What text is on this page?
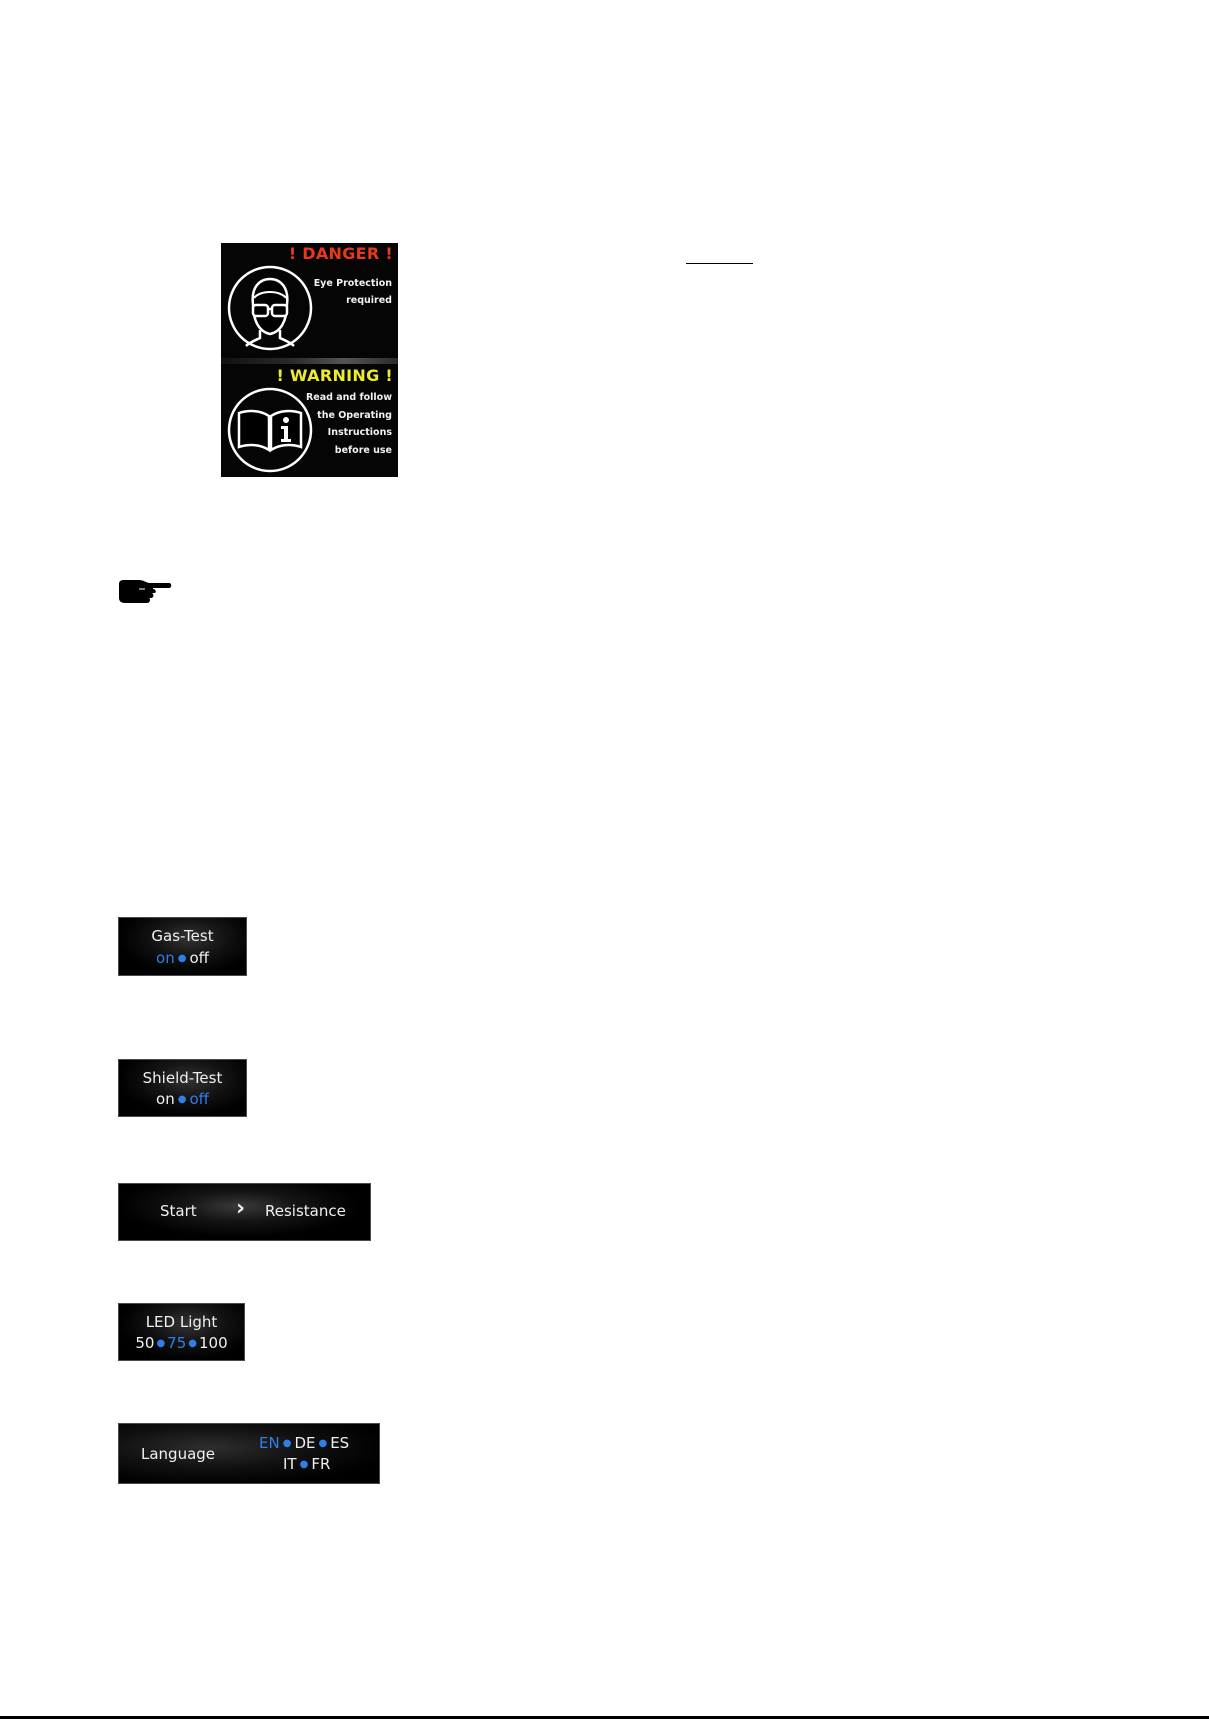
! DANGER !
Eye Protection
required
! WARNING !
Read and follow
the Operating
Instructions
before use
Gas-Test
on ● off
Shield-Test
on ● off
Start › Resistance
LED Light
50 ● 75 ● 100
Language
EN ● DE ● ES
IT ● FR
